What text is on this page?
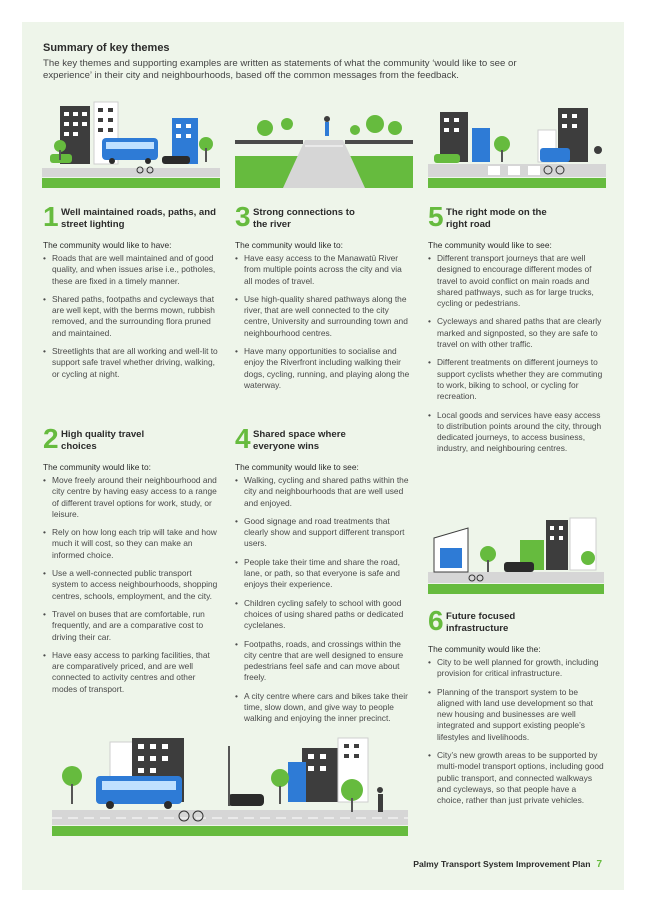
Summary of key themes
The key themes and supporting examples are written as statements of what the community ‘would like to see or experience’ in their city and neighbourhoods, based off the common messages from the feedback.
1 Well maintained roads, paths, and street lighting
The community would like to have:
• Roads that are well maintained and of good quality, and when issues arise i.e., potholes, these are fixed in a timely manner.
• Shared paths, footpaths and cycleways that are well kept, with the berms mown, rubbish removed, and the surrounding flora pruned and maintained.
• Streetlights that are all working and well-lit to support safe travel whether driving, walking, or cycling at night.
2 High quality travel choices
The community would like to:
• Move freely around their neighbourhood and city centre by having easy access to a range of different travel options for work, study, or leisure.
• Rely on how long each trip will take and how much it will cost, so they can make an informed choice.
• Use a well-connected public transport system to access neighbourhoods, shopping centres, schools, employment, and the city.
• Travel on buses that are comfortable, run frequently, and are a comparative cost to driving their car.
• Have easy access to parking facilities, that are comparatively priced, and are well connected to activity centres and other modes of transport.
3 Strong connections to the river
The community would like to:
• Have easy access to the Manawatū River from multiple points across the city and via all modes of travel.
• Use high-quality shared pathways along the river, that are well connected to the city centre, University and surrounding town and neighbourhood centres.
• Have many opportunities to socialise and enjoy the Riverfront including walking their dogs, cycling, running, and playing along the waterway.
4 Shared space where everyone wins
The community would like to see:
• Walking, cycling and shared paths within the city and neighbourhoods that are well used and enjoyed.
• Good signage and road treatments that clearly show and support different transport users.
• People take their time and share the road, lane, or path, so that everyone is safe and enjoys their experience.
• Children cycling safely to school with good choices of using shared paths or dedicated cyclelanes.
• Footpaths, roads, and crossings within the city centre that are well designed to ensure pedestrians feel safe and can move about freely.
• A city centre where cars and bikes take their time, slow down, and give way to people walking and enjoying the inner precinct.
5 The right mode on the right road
The community would like to see:
• Different transport journeys that are well designed to encourage different modes of travel to avoid conflict on main roads and shared pathways, such as for large trucks, cycling or pedestrians.
• Cycleways and shared paths that are clearly marked and signposted, so they are safe to travel on with other traffic.
• Different treatments on different journeys to support cyclists whether they are commuting to work, biking to school, or cycling for recreation.
• Local goods and services have easy access to distribution points around the city, through dedicated journeys, to access business, industry, and neighbouring centres.
6 Future focused infrastructure
The community would like the:
• City to be well planned for growth, including provision for critical infrastructure.
• Planning of the transport system to be aligned with land use development so that new housing and businesses are well integrated and support existing people’s lifestyles and livelihoods.
• City’s new growth areas to be supported by multi-model transport options, including good public transport, and connected walkways and cycleways, so that people have a choice, rather than just private vehicles.
Palmy Transport System Improvement Plan 7
